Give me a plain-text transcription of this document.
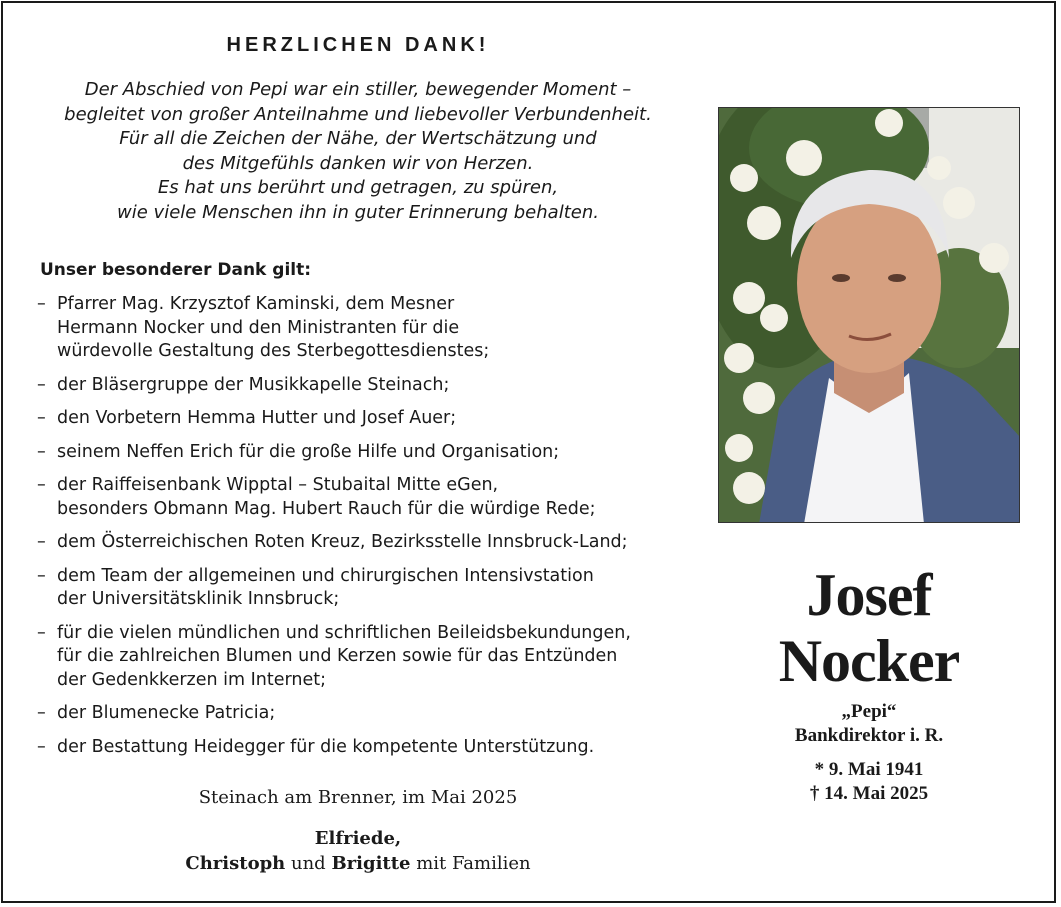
HERZLICHEN DANK!
Der Abschied von Pepi war ein stiller, bewegender Moment –
begleitet von großer Anteilnahme und liebevoller Verbundenheit.
Für all die Zeichen der Nähe, der Wertschätzung und
des Mitgefühls danken wir von Herzen.
Es hat uns berührt und getragen, zu spüren,
wie viele Menschen ihn in guter Erinnerung behalten.
Unser besonderer Dank gilt:
– Pfarrer Mag. Krzysztof Kaminski, dem Mesner
Hermann Nocker und den Ministranten für die
würdevolle Gestaltung des Sterbegottesdienstes;
– der Bläsergruppe der Musikkapelle Steinach;
– den Vorbetern Hemma Hutter und Josef Auer;
– seinem Neffen Erich für die große Hilfe und Organisation;
– der Raiffeisenbank Wipptal – Stubaital Mitte eGen,
besonders Obmann Mag. Hubert Rauch für die würdige Rede;
– dem Österreichischen Roten Kreuz, Bezirksstelle Innsbruck-Land;
– dem Team der allgemeinen und chirurgischen Intensivstation
der Universitätsklinik Innsbruck;
– für die vielen mündlichen und schriftlichen Beileidsbekundungen,
für die zahlreichen Blumen und Kerzen sowie für das Entzünden
der Gedenkkerzen im Internet;
– der Blumenecke Patricia;
– der Bestattung Heidegger für die kompetente Unterstützung.
Steinach am Brenner, im Mai 2025
Elfriede,
Christoph und Brigitte mit Familien
Josef
Nocker
„Pepi“
Bankdirektor i. R.
* 9. Mai 1941
† 14. Mai 2025
